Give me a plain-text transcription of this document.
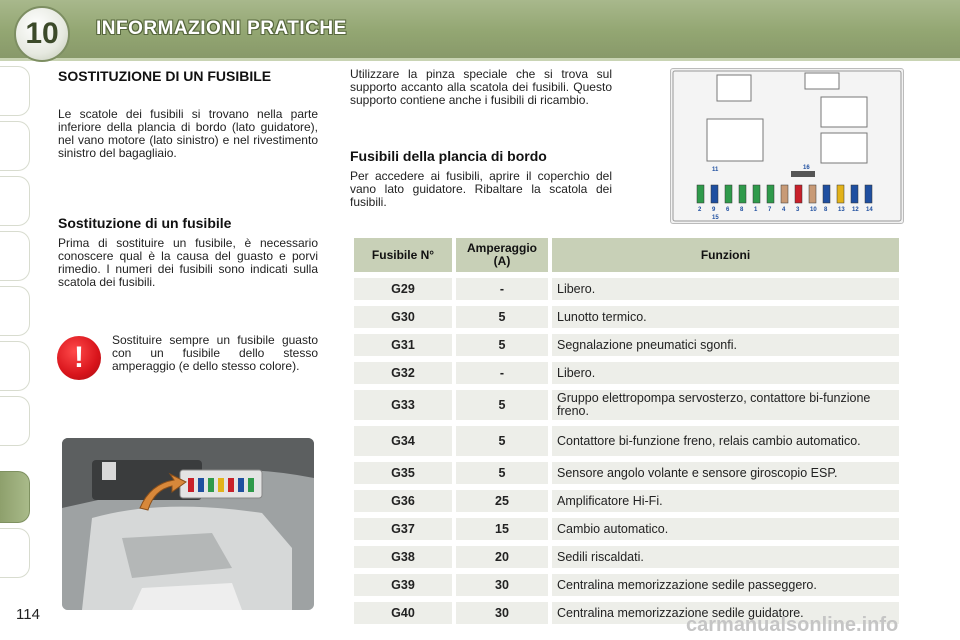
10	INFORMAZIONI PRATICHE
114
SOSTITUZIONE DI UN FUSIBILE
Le scatole dei fusibili si trovano nella parte inferiore della plancia di bordo (lato guidatore), nel vano motore (lato sinistro) e nel rivestimento sinistro del bagagliaio.
Sostituzione di un fusibile
Prima di sostituire un fusibile, è necessario conoscere qual è la causa del guasto e porvi rimedio. I numeri dei fusibili sono indicati sulla scatola dei fusibili.
!
Sostituire sempre un fusibile guasto con un fusibile dello stesso amperaggio (e dello stesso colore).
Utilizzare la pinza speciale che si trova sul supporto accanto alla scatola dei fusibili. Questo supporto contiene anche i fusibili di ricambio.
Fusibili della plancia di bordo
Per accedere ai fusibili, aprire il coperchio del vano lato guidatore. Ribaltare la scatola dei fusibili.
2 9 6 8 1 7 4 3 10 8 13 12 14
11	16
15
Fusibile N°	Amperaggio (A)	Funzioni
G29	-	Libero.
G30	5	Lunotto termico.
G31	5	Segnalazione pneumatici sgonfi.
G32	-	Libero.
G33	5	Gruppo elettropompa servosterzo, contattore bi-funzione freno.
G34	5	Contattore bi-funzione freno, relais cambio automatico.
G35	5	Sensore angolo volante e sensore giroscopio ESP.
G36	25	Amplificatore Hi-Fi.
G37	15	Cambio automatico.
G38	20	Sedili riscaldati.
G39	30	Centralina memorizzazione sedile passeggero.
G40	30	Centralina memorizzazione sedile guidatore.
carmanualsonline.info
